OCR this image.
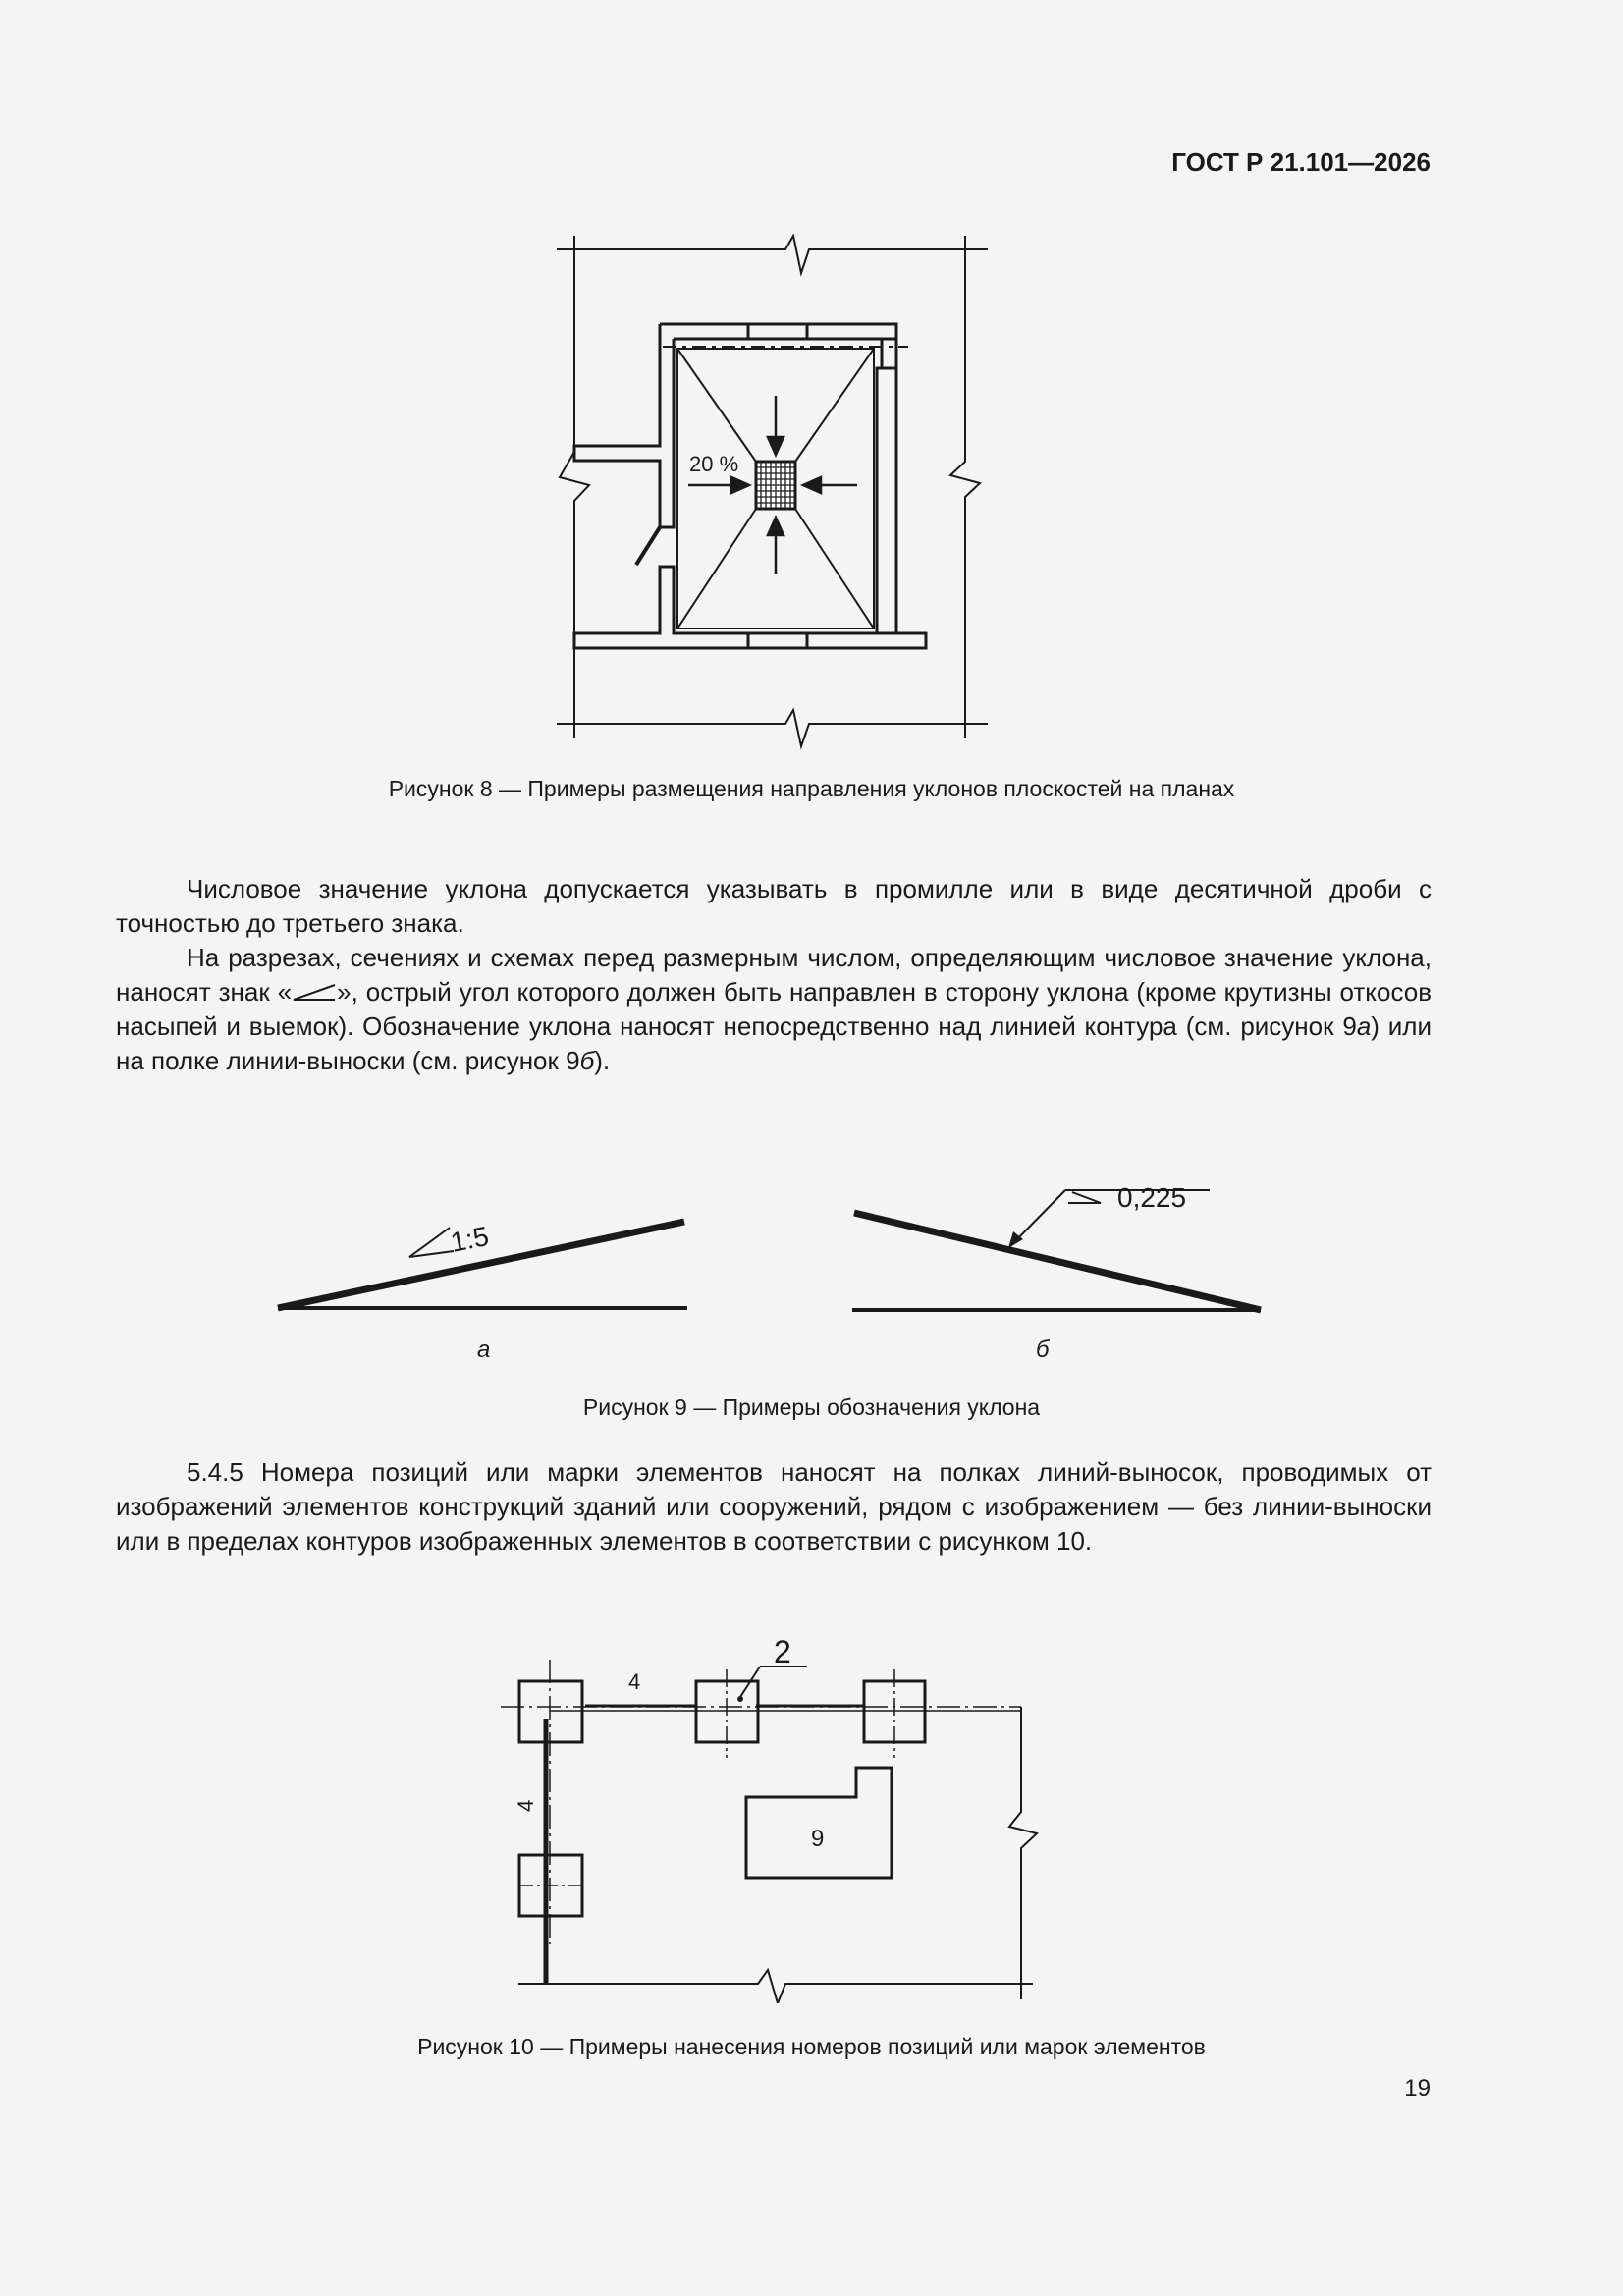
ГОСТ Р 21.101—2026
20 %
Рисунок 8 — Примеры размещения направления уклонов плоскостей на планах

Числовое значение уклона допускается указывать в промилле или в виде десятичной дроби с точностью до третьего знака.

На разрезах, сечениях и схемах перед размерным числом, определяющим числовое значение уклона, наносят знак « », острый угол которого должен быть направлен в сторону уклона (кроме крутизны откосов насыпей и выемок). Обозначение уклона наносят непосредственно над линией контура (см. рисунок 9а) или на полке линии-выноски (см. рисунок 9б).

1:5
0,225
а	б
Рисунок 9 — Примеры обозначения уклона

5.4.5 Номера позиций или марки элементов наносят на полках линий-выносок, проводимых от изображений элементов конструкций зданий или сооружений, рядом с изображением — без линии-выноски или в пределах контуров изображенных элементов в соответствии с рисунком 10.

4
4
2
9
Рисунок 10 — Примеры нанесения номеров позиций или марок элементов
19
